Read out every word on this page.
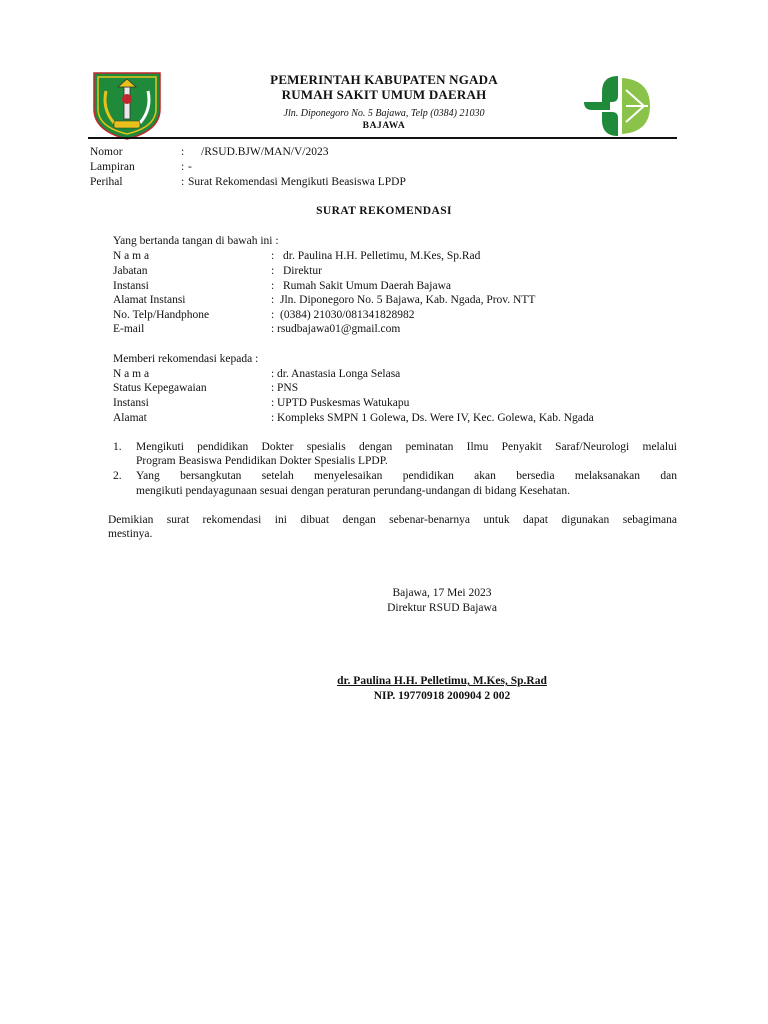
PEMERINTAH KABUPATEN NGADA
RUMAH SAKIT UMUM DAERAH
Jln. Diponegoro No. 5 Bajawa, Telp (0384) 21030
BAJAWA
Nomor	: /RSUD.BJW/MAN/V/2023
Lampiran	: -
Perihal	: Surat Rekomendasi Mengikuti Beasiswa LPDP
SURAT REKOMENDASI
Yang bertanda tangan di bawah ini :
N a m a	: dr. Paulina H.H. Pelletimu, M.Kes, Sp.Rad
Jabatan	: Direktur
Instansi	: Rumah Sakit Umum Daerah Bajawa
Alamat Instansi	: Jln. Diponegoro No. 5 Bajawa, Kab. Ngada, Prov. NTT
No. Telp/Handphone	: (0384) 21030/081341828982
E-mail	: rsudbajawa01@gmail.com
Memberi rekomendasi kepada :
N a m a	: dr. Anastasia Longa Selasa
Status Kepegawaian	: PNS
Instansi	: UPTD Puskesmas Watukapu
Alamat	: Kompleks SMPN 1 Golewa, Ds. Were IV, Kec. Golewa, Kab. Ngada
1. Mengikuti pendidikan Dokter spesialis dengan peminatan Ilmu Penyakit Saraf/Neurologi melalui
Program Beasiswa Pendidikan Dokter Spesialis LPDP.
2. Yang bersangkutan setelah menyelesaikan pendidikan akan bersedia melaksanakan dan
mengikuti pendayagunaan sesuai dengan peraturan perundang-undangan di bidang Kesehatan.
Demikian surat rekomendasi ini dibuat dengan sebenar-benarnya untuk dapat digunakan sebagimana
mestinya.
Bajawa, 17 Mei 2023
Direktur RSUD Bajawa
dr. Paulina H.H. Pelletimu, M.Kes, Sp.Rad
NIP. 19770918 200904 2 002
